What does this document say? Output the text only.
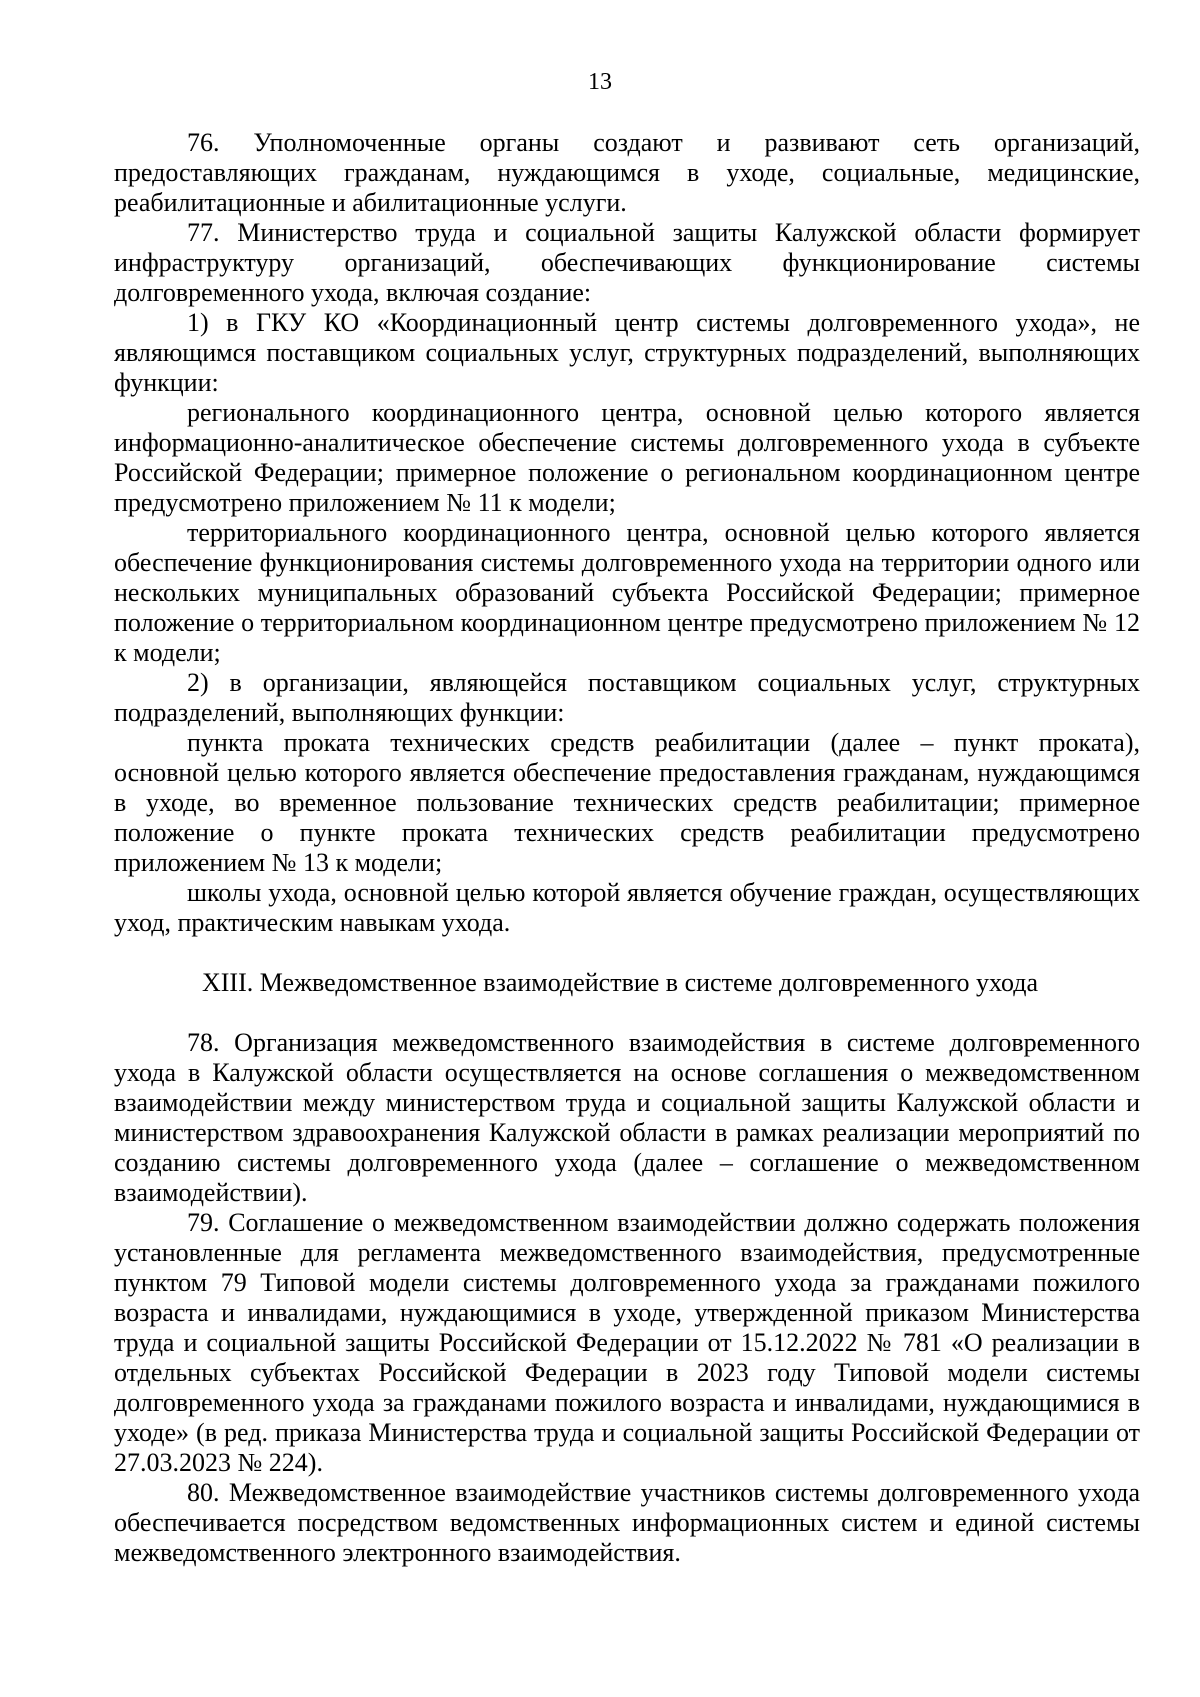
13

76. Уполномоченные органы создают и развивают сеть организаций, предоставляющих гражданам, нуждающимся в уходе, социальные, медицинские, реабилитационные и абилитационные услуги.

77. Министерство труда и социальной защиты Калужской области формирует инфраструктуру организаций, обеспечивающих функционирование системы долговременного ухода, включая создание:

1) в ГКУ КО «Координационный центр системы долговременного ухода», не являющимся поставщиком социальных услуг, структурных подразделений, выполняющих функции:

регионального координационного центра, основной целью которого является информационно-аналитическое обеспечение системы долговременного ухода в субъекте Российской Федерации; примерное положение о региональном координационном центре предусмотрено приложением № 11 к модели;

территориального координационного центра, основной целью которого является обеспечение функционирования системы долговременного ухода на территории одного или нескольких муниципальных образований субъекта Российской Федерации; примерное положение о территориальном координационном центре предусмотрено приложением № 12 к модели;

2) в организации, являющейся поставщиком социальных услуг, структурных подразделений, выполняющих функции:

пункта проката технических средств реабилитации (далее – пункт проката), основной целью которого является обеспечение предоставления гражданам, нуждающимся в уходе, во временное пользование технических средств реабилитации; примерное положение о пункте проката технических средств реабилитации предусмотрено приложением № 13 к модели;

школы ухода, основной целью которой является обучение граждан, осуществляющих уход, практическим навыкам ухода.

XIII. Межведомственное взаимодействие в системе долговременного ухода

78. Организация межведомственного взаимодействия в системе долговременного ухода в Калужской области осуществляется на основе соглашения о межведомственном взаимодействии между министерством труда и социальной защиты Калужской области и министерством здравоохранения Калужской области в рамках реализации мероприятий по созданию системы долговременного ухода (далее – соглашение о межведомственном взаимодействии).

79. Соглашение о межведомственном взаимодействии должно содержать положения установленные для регламента межведомственного взаимодействия, предусмотренные пунктом 79 Типовой модели системы долговременного ухода за гражданами пожилого возраста и инвалидами, нуждающимися в уходе, утвержденной приказом Министерства труда и социальной защиты Российской Федерации от 15.12.2022 № 781 «О реализации в отдельных субъектах Российской Федерации в 2023 году Типовой модели системы долговременного ухода за гражданами пожилого возраста и инвалидами, нуждающимися в уходе» (в ред. приказа Министерства труда и социальной защиты Российской Федерации от 27.03.2023 № 224).

80. Межведомственное взаимодействие участников системы долговременного ухода обеспечивается посредством ведомственных информационных систем и единой системы межведомственного электронного взаимодействия.
